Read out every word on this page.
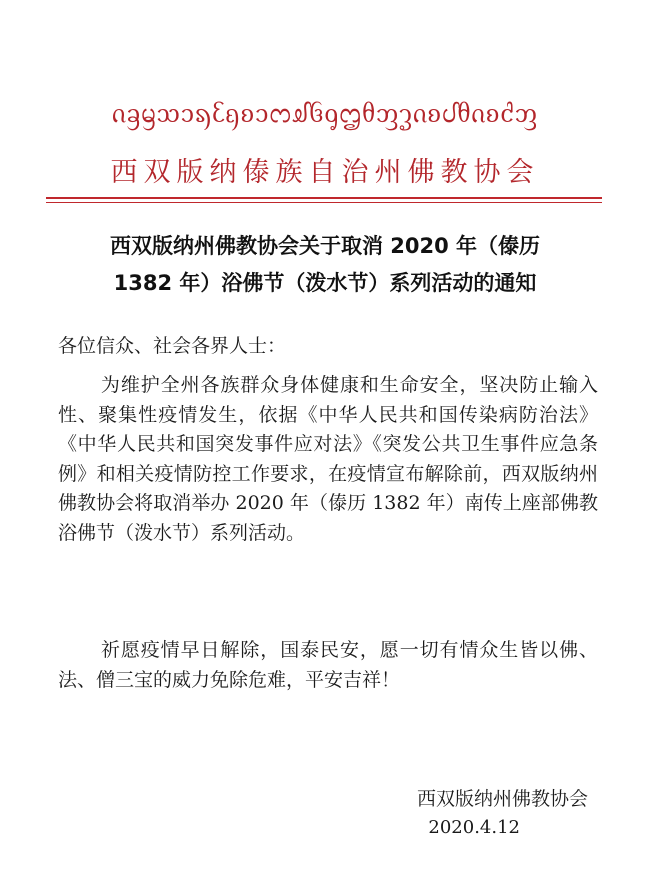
ᦵᦃᦙᦉᦱᦣᦷᦏᦈᦱᦂᦾᦑᧁᦗᦲᦀᧆᦵᦈᦔᦲᦵᦈᦺᦀ
西双版纳傣族自治州佛教协会
西双版纳州佛教协会关于取消 2020 年（傣历
1382 年）浴佛节（泼水节）系列活动的通知
各位信众、社会各界人士：
为维护全州各族群众身体健康和生命安全，坚决防止输入性、聚集性疫情发生，依据《中华人民共和国传染病防治法》《中华人民共和国突发事件应对法》《突发公共卫生事件应急条例》和相关疫情防控工作要求，在疫情宣布解除前，西双版纳州佛教协会将取消举办 2020 年（傣历 1382 年）南传上座部佛教浴佛节（泼水节）系列活动。
祈愿疫情早日解除，国泰民安，愿一切有情众生皆以佛、法、僧三宝的威力免除危难，平安吉祥！
西双版纳州佛教协会
2020.4.12
